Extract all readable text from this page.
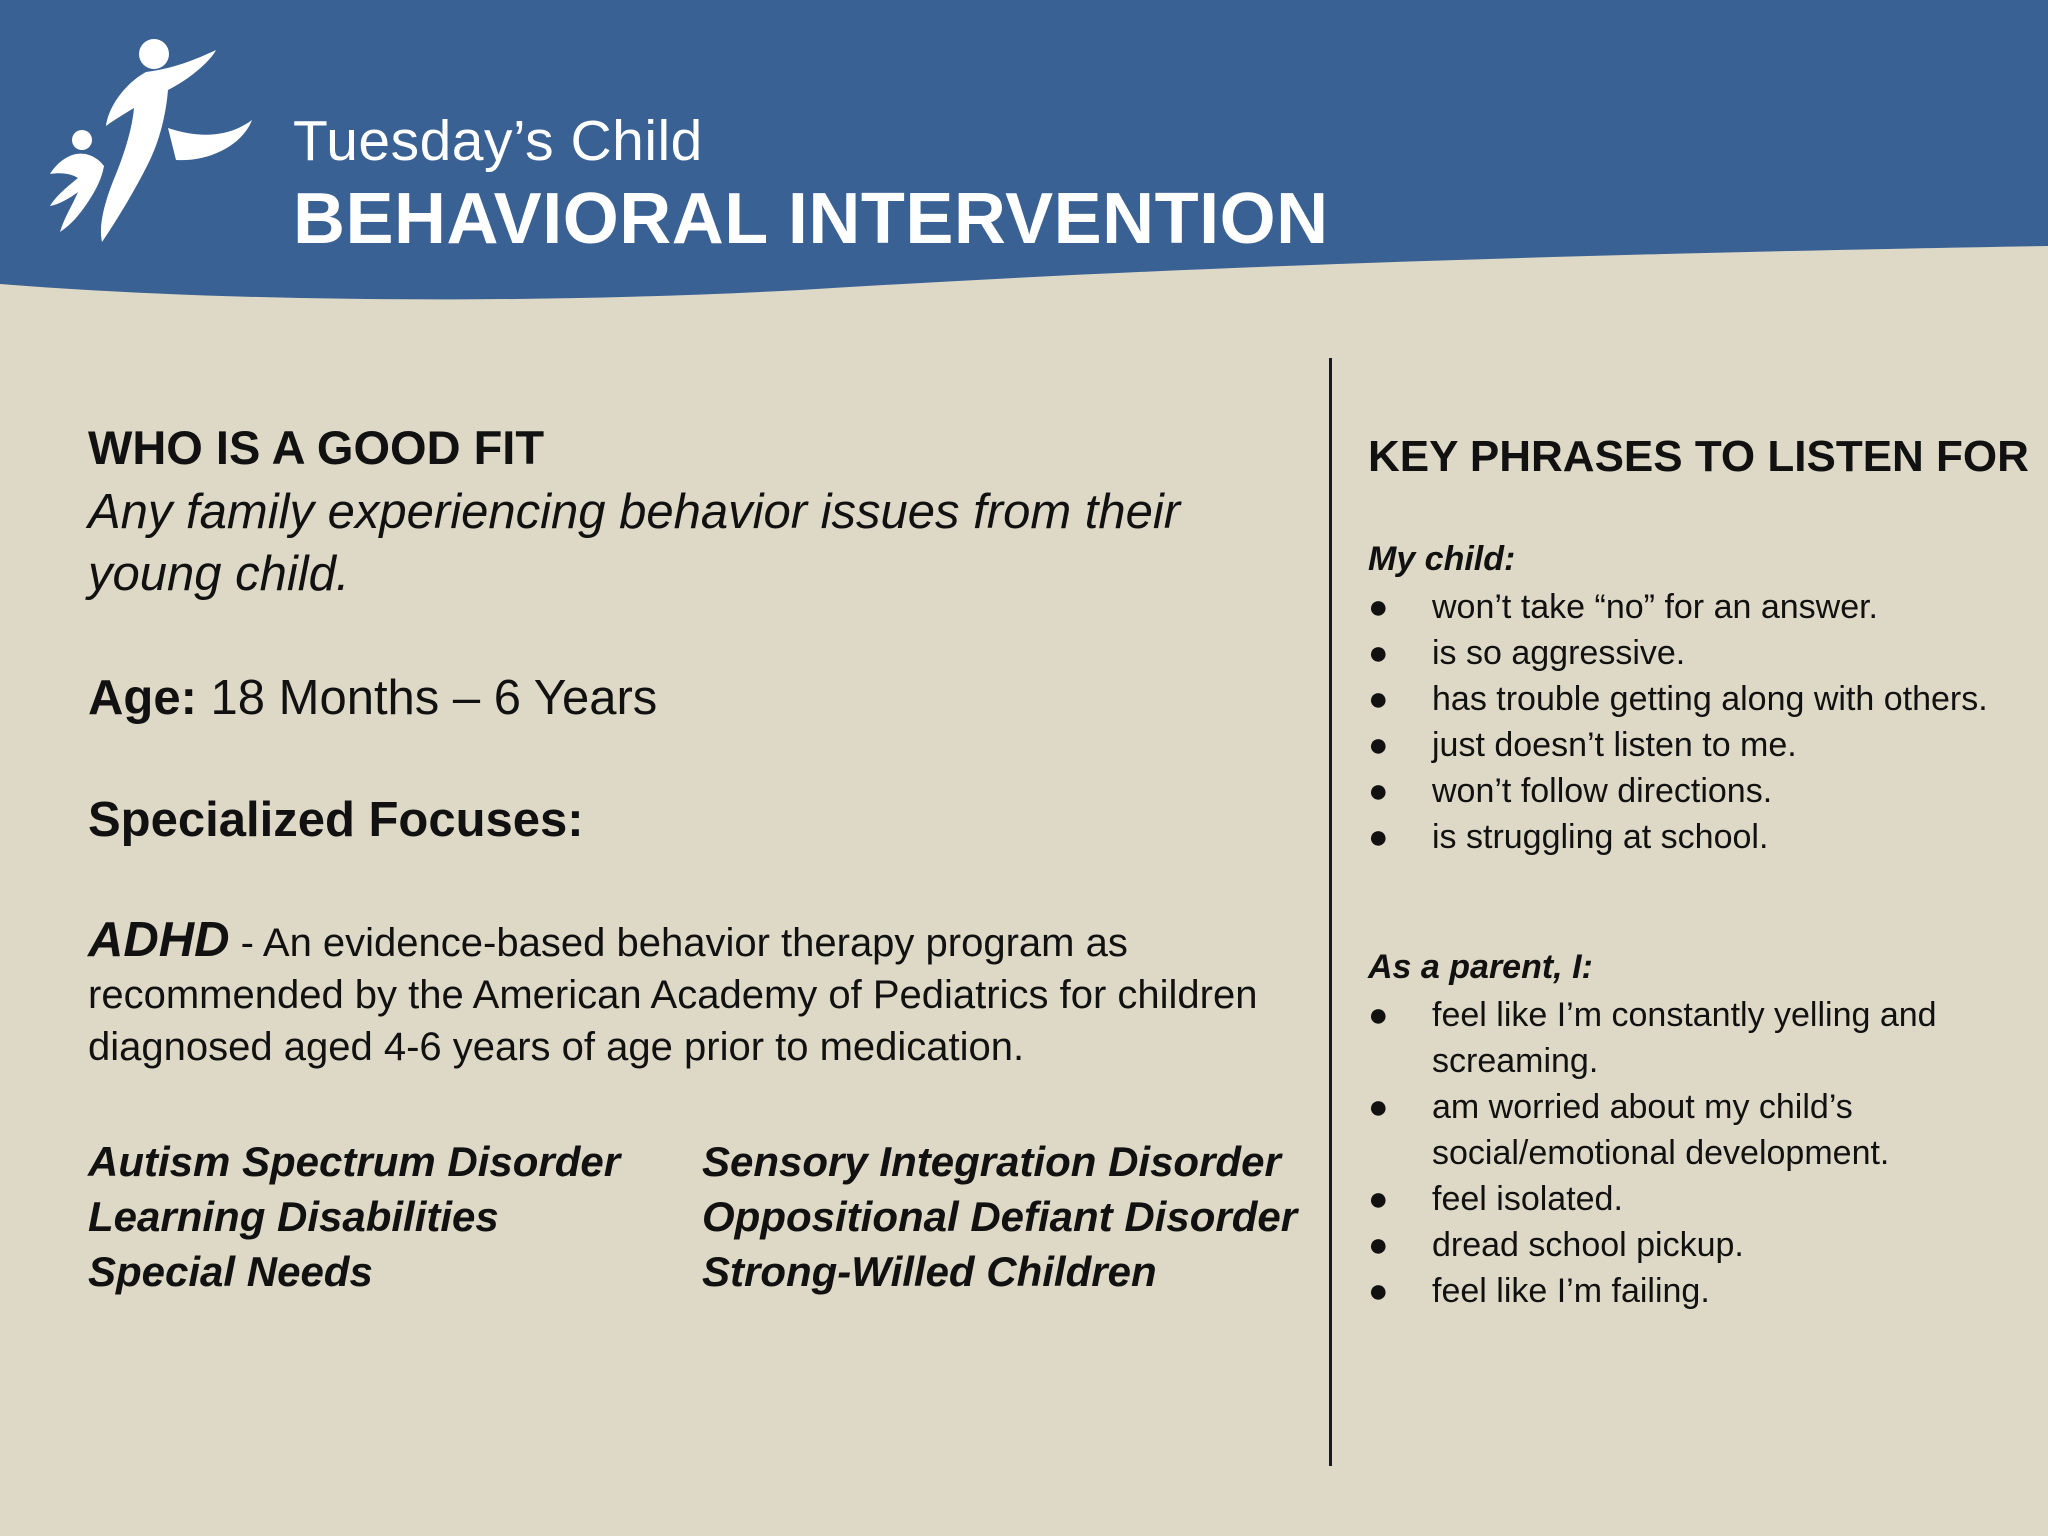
Tuesday’s Child
BEHAVIORAL INTERVENTION
WHO IS A GOOD FIT

Any family experiencing behavior issues from their young child.

Age: 18 Months – 6 Years
Specialized Focuses:
ADHD - An evidence-based behavior therapy program as recommended by the American Academy of Pediatrics for children diagnosed aged 4-6 years of age prior to medication.
Autism Spectrum Disorder
Learning Disabilities
Special Needs
Sensory Integration Disorder
Oppositional Defiant Disorder
Strong-Willed Children
KEY PHRASES TO LISTEN FOR
My child:
● won’t take “no” for an answer.
● is so aggressive.
● has trouble getting along with others.
● just doesn’t listen to me.
● won’t follow directions.
● is struggling at school.
As a parent, I:
● feel like I’m constantly yelling and screaming.
● am worried about my child’s social/emotional development.
● feel isolated.
● dread school pickup.
● feel like I’m failing.
